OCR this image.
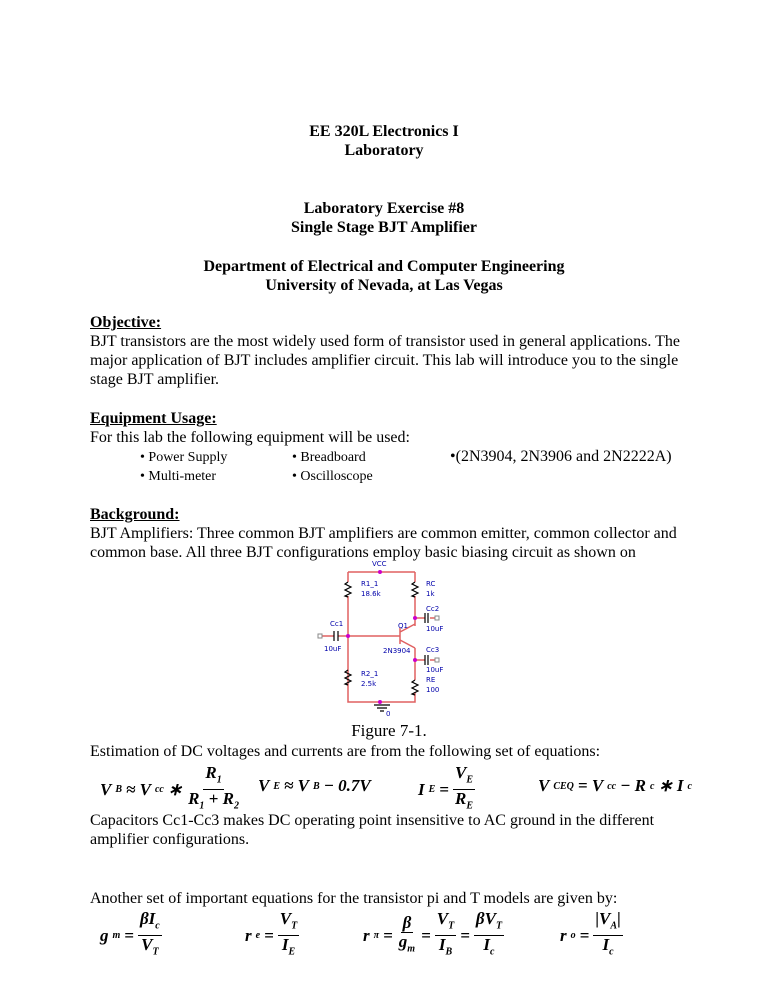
EE 320L Electronics I
Laboratory
Laboratory Exercise #8
Single Stage BJT Amplifier
Department of Electrical and Computer Engineering
University of Nevada, at Las Vegas
Objective:
BJT transistors are the most widely used form of transistor used in general applications. The major application of BJT includes amplifier circuit. This lab will introduce you to the single stage BJT amplifier.
Equipment Usage:
For this lab the following equipment will be used:
• Power Supply	• Breadboard	•(2N3904, 2N3906 and 2N2222A)
• Multi-meter	• Oscilloscope
Background:
BJT Amplifiers: Three common BJT amplifiers are common emitter, common collector and common base. All three BJT configurations employ basic biasing circuit as shown on
VCC
R1_1
18.6k
RC
1k
Cc2
10uF
Cc1
10uF
Q1
2N3904 Cc3
10uF
R2_1
2.5k	RE
100
0
Figure 7-1.
Estimation of DC voltages and currents are from the following set of equations:
V B ≈ V cc ∗
$R_1$
$R_1 + R_2$
V E ≈ V B − 0.7V	I E =
$V_E$
$R_E$
V CEQ = V cc − R c ∗ I c
Capacitors Cc1-Cc3 makes DC operating point insensitive to AC ground in the different amplifier configurations.
Another set of important equations for the transistor pi and T models are given by:
g m =
$\beta I_c$
$V_T$
r e =
$V_T$
$I_E$
r π =
β
$g_m$
=
$V_T$
$I_B$
=
$\beta V_T$
$I_c$
r o =
$|V_A|$
$I_c$
